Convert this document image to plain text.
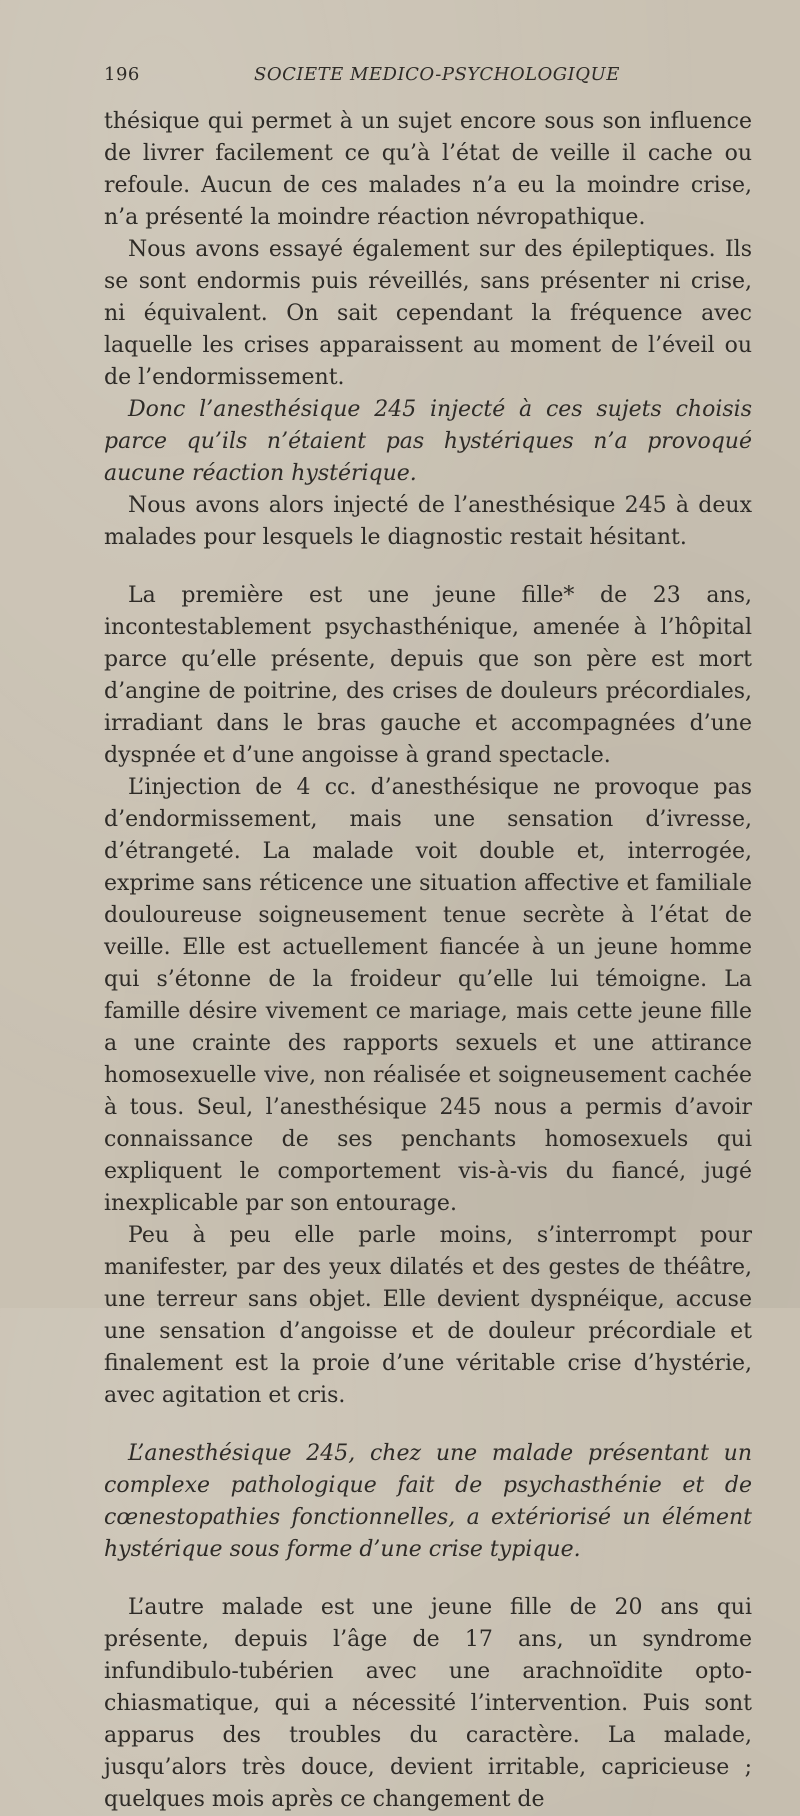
196	SOCIETE MEDICO-PSYCHOLOGIQUE

thésique qui permet à un sujet encore sous son influence de livrer facilement ce qu’à l’état de veille il cache ou refoule. Aucun de ces malades n’a eu la moindre crise, n’a présenté la moindre réaction névropathique.

Nous avons essayé également sur des épileptiques. Ils se sont endormis puis réveillés, sans présenter ni crise, ni équivalent. On sait cependant la fréquence avec laquelle les crises apparaissent au moment de l’éveil ou de l’endormissement.

Donc l’anesthésique 245 injecté à ces sujets choisis parce qu’ils n’étaient pas hystériques n’a provoqué aucune réaction hystérique.

Nous avons alors injecté de l’anesthésique 245 à deux malades pour lesquels le diagnostic restait hésitant.

La première est une jeune fille* de 23 ans, incontestablement psychasthénique, amenée à l’hôpital parce qu’elle présente, depuis que son père est mort d’angine de poitrine, des crises de douleurs précordiales, irradiant dans le bras gauche et accompagnées d’une dyspnée et d’une angoisse à grand spectacle.

L’injection de 4 cc. d’anesthésique ne provoque pas d’endormissement, mais une sensation d’ivresse, d’étrangeté. La malade voit double et, interrogée, exprime sans réticence une situation affective et familiale douloureuse soigneusement tenue secrète à l’état de veille. Elle est actuellement fiancée à un jeune homme qui s’étonne de la froideur qu’elle lui témoigne. La famille désire vivement ce mariage, mais cette jeune fille a une crainte des rapports sexuels et une attirance homosexuelle vive, non réalisée et soigneusement cachée à tous. Seul, l’anesthésique 245 nous a permis d’avoir connaissance de ses penchants homosexuels qui expliquent le comportement vis-à-vis du fiancé, jugé inexplicable par son entourage.

Peu à peu elle parle moins, s’interrompt pour manifester, par des yeux dilatés et des gestes de théâtre, une terreur sans objet. Elle devient dyspnéique, accuse une sensation d’angoisse et de douleur précordiale et finalement est la proie d’une véritable crise d’hystérie, avec agitation et cris.

L’anesthésique 245, chez une malade présentant un complexe pathologique fait de psychasthénie et de cœnestopathies fonctionnelles, a extériorisé un élément hystérique sous forme d’une crise typique.

L’autre malade est une jeune fille de 20 ans qui présente, depuis l’âge de 17 ans, un syndrome infundibulo-tubérien avec une arachnoïdite opto-chiasmatique, qui a nécessité l’intervention. Puis sont apparus des troubles du caractère. La malade, jusqu’alors très douce, devient irritable, capricieuse ; quelques mois après ce changement de
